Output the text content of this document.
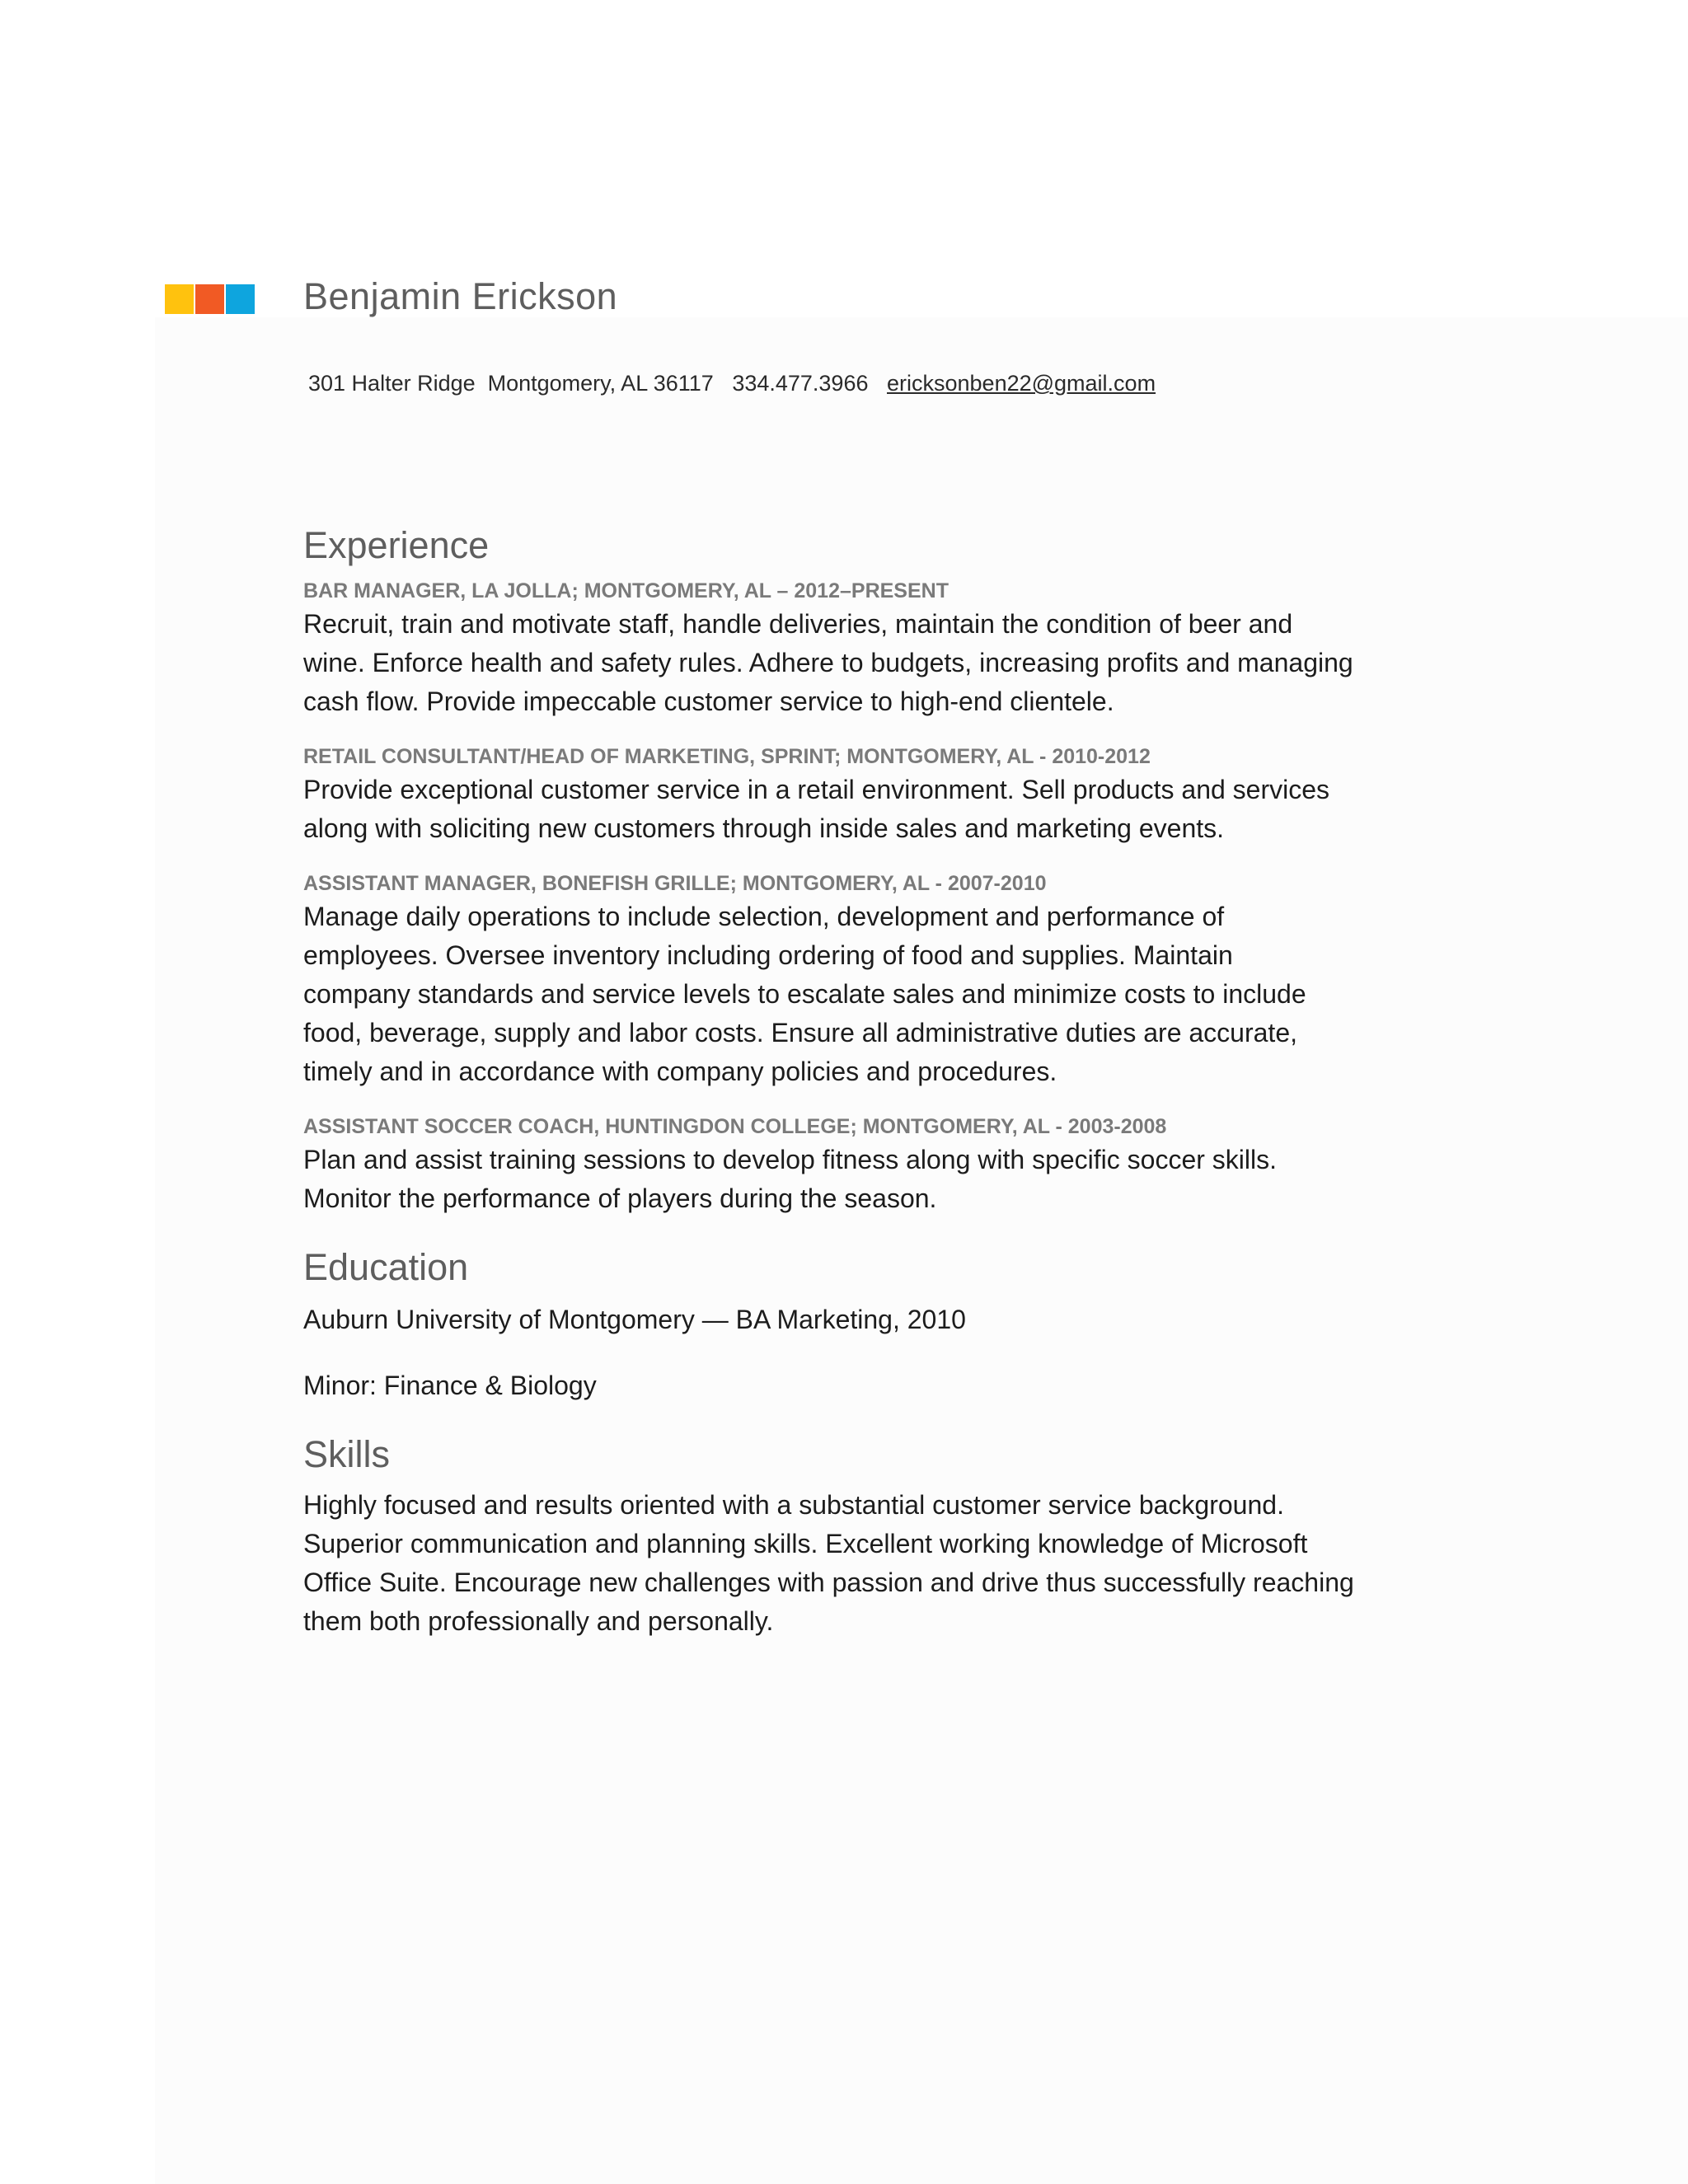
Benjamin Erickson
301 Halter Ridge  Montgomery, AL 36117 334.477.3966 ericksonben22@gmail.com
Experience

BAR MANAGER, LA JOLLA; MONTGOMERY, AL – 2012–PRESENT

Recruit, train and motivate staff, handle deliveries, maintain the condition of beer and
wine. Enforce health and safety rules. Adhere to budgets, increasing profits and managing
cash flow. Provide impeccable customer service to high-end clientele.

RETAIL CONSULTANT/HEAD OF MARKETING, SPRINT; MONTGOMERY, AL - 2010-2012

Provide exceptional customer service in a retail environment. Sell products and services
along with soliciting new customers through inside sales and marketing events.

ASSISTANT MANAGER, BONEFISH GRILLE; MONTGOMERY, AL - 2007-2010

Manage daily operations to include selection, development and performance of
employees. Oversee inventory including ordering of food and supplies. Maintain
company standards and service levels to escalate sales and minimize costs to include
food, beverage, supply and labor costs. Ensure all administrative duties are accurate,
timely and in accordance with company policies and procedures.

ASSISTANT SOCCER COACH, HUNTINGDON COLLEGE; MONTGOMERY, AL - 2003-2008

Plan and assist training sessions to develop fitness along with specific soccer skills.
Monitor the performance of players during the season.

Education

Auburn University of Montgomery — BA Marketing, 2010

Minor: Finance & Biology

Skills

Highly focused and results oriented with a substantial customer service background.
Superior communication and planning skills. Excellent working knowledge of Microsoft
Office Suite. Encourage new challenges with passion and drive thus successfully reaching
them both professionally and personally.
